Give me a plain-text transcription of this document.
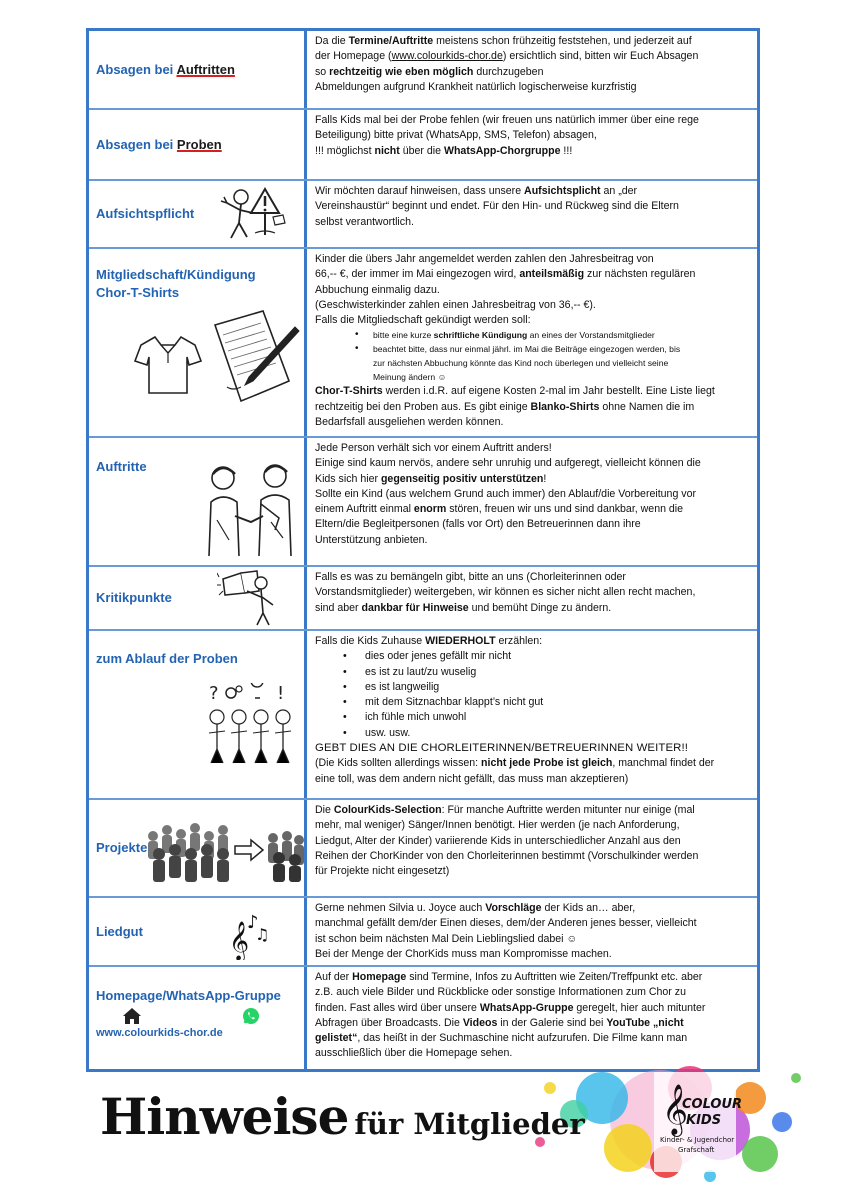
Absagen bei Auftritten

Da die Termine/Auftritte meistens schon frühzeitig feststehen, und jederzeit auf

der Homepage (www.colourkids-chor.de) ersichtlich sind, bitten wir Euch Absagen

so rechtzeitig wie eben möglich durchzugeben

Abmeldungen aufgrund Krankheit natürlich logischerweise kurzfristig

Absagen bei Proben

Falls Kids mal bei der Probe fehlen (wir freuen uns natürlich immer über eine rege

Beteiligung) bitte privat (WhatsApp, SMS, Telefon) absagen,

!!! möglichst nicht über die WhatsApp-Chorgruppe !!!

Aufsichtspflicht

Wir möchten darauf hinweisen, dass unsere Aufsichtsplicht an „der

Vereinshaustür“ beginnt und endet. Für den Hin- und Rückweg sind die Eltern

selbst verantwortlich.

Mitgliedschaft/Kündigung
Chor-T-Shirts

Kinder die übers Jahr angemeldet werden zahlen den Jahresbeitrag von

66,-- €, der immer im Mai eingezogen wird, anteilsmäßig zur nächsten regulären

Abbuchung einmalig dazu.

(Geschwisterkinder zahlen einen Jahresbeitrag von 36,-- €).

Falls die Mitgliedschaft gekündigt werden soll:

• bitte eine kurze schriftliche Kündigung an eines der Vorstandsmitglieder
• beachtet bitte, dass nur einmal jährl. im Mai die Beiträge eingezogen werden, bis
zur nächsten Abbuchung könnte das Kind noch überlegen und vielleicht seine
Meinung ändern ☺

Chor-T-Shirts werden i.d.R. auf eigene Kosten 2-mal im Jahr bestellt. Eine Liste liegt

rechtzeitig bei den Proben aus. Es gibt einige Blanko-Shirts ohne Namen die im

Bedarfsfall ausgeliehen werden können.

Auftritte

Jede Person verhält sich vor einem Auftritt anders!

Einige sind kaum nervös, andere sehr unruhig und aufgeregt, vielleicht können die

Kids sich hier gegenseitig positiv unterstützen!

Sollte ein Kind (aus welchem Grund auch immer) den Ablauf/die Vorbereitung vor

einem Auftritt einmal enorm stören, freuen wir uns und sind dankbar, wenn die

Eltern/die Begleitpersonen (falls vor Ort) den Betreuerinnen dann ihre

Unterstützung anbieten.

Kritikpunkte

Falls es was zu bemängeln gibt, bitte an uns (Chorleiterinnen oder

Vorstandsmitglieder) weitergeben, wir können es sicher nicht allen recht machen,

sind aber dankbar für Hinweise und bemüht Dinge zu ändern.

zum Ablauf der Proben
?	!
Falls die Kids Zuhause WIEDERHOLT erzählen:
• dies oder jenes gefällt mir nicht
• es ist zu laut/zu wuselig
• es ist langweilig
• mit dem Sitznachbar klappt’s nicht gut
• ich fühle mich unwohl
• usw. usw.
GEBT DIES AN DIE CHORLEITERINNEN/BETREUERINNEN WEITER!!

(Die Kids sollten allerdings wissen: nicht jede Probe ist gleich, manchmal findet der

eine toll, was dem andern nicht gefällt, das muss man akzeptieren)

Projekte

Die ColourKids-Selection: Für manche Auftritte werden mitunter nur einige (mal

mehr, mal weniger) Sänger/Innen benötigt. Hier werden (je nach Anforderung,

Liedgut, Alter der Kinder) variierende Kids in unterschiedlicher Anzahl aus den

Reihen der ChorKinder von den Chorleiterinnen bestimmt (Vorschulkinder werden

für Projekte nicht eingesetzt)

Liedgut	𝄞
♪
♫

Gerne nehmen Silvia u. Joyce auch Vorschläge der Kids an… aber,

manchmal gefällt dem/der Einen dieses, dem/der Anderen jenes besser, vielleicht

ist schon beim nächsten Mal Dein Lieblingslied dabei ☺

Bei der Menge der ChorKids muss man Kompromisse machen.

Homepage/WhatsApp-Gruppe
www.colourkids-chor.de

Auf der Homepage sind Termine, Infos zu Auftritten wie Zeiten/Treffpunkt etc. aber

z.B. auch viele Bilder und Rückblicke oder sonstige Informationen zum Chor zu

finden. Fast alles wird über unsere WhatsApp-Gruppe geregelt, hier auch mitunter

Abfragen über Broadcasts. Die Videos in der Galerie sind bei YouTube „nicht

gelistet“, das heißt in der Suchmaschine nicht aufzurufen. Die Filme kann man

ausschließlich über die Homepage sehen.

𝄞
COLOUR
KIDS
Kinder- & Jugendchor
Grafschaft
Hinweise für Mitglieder
